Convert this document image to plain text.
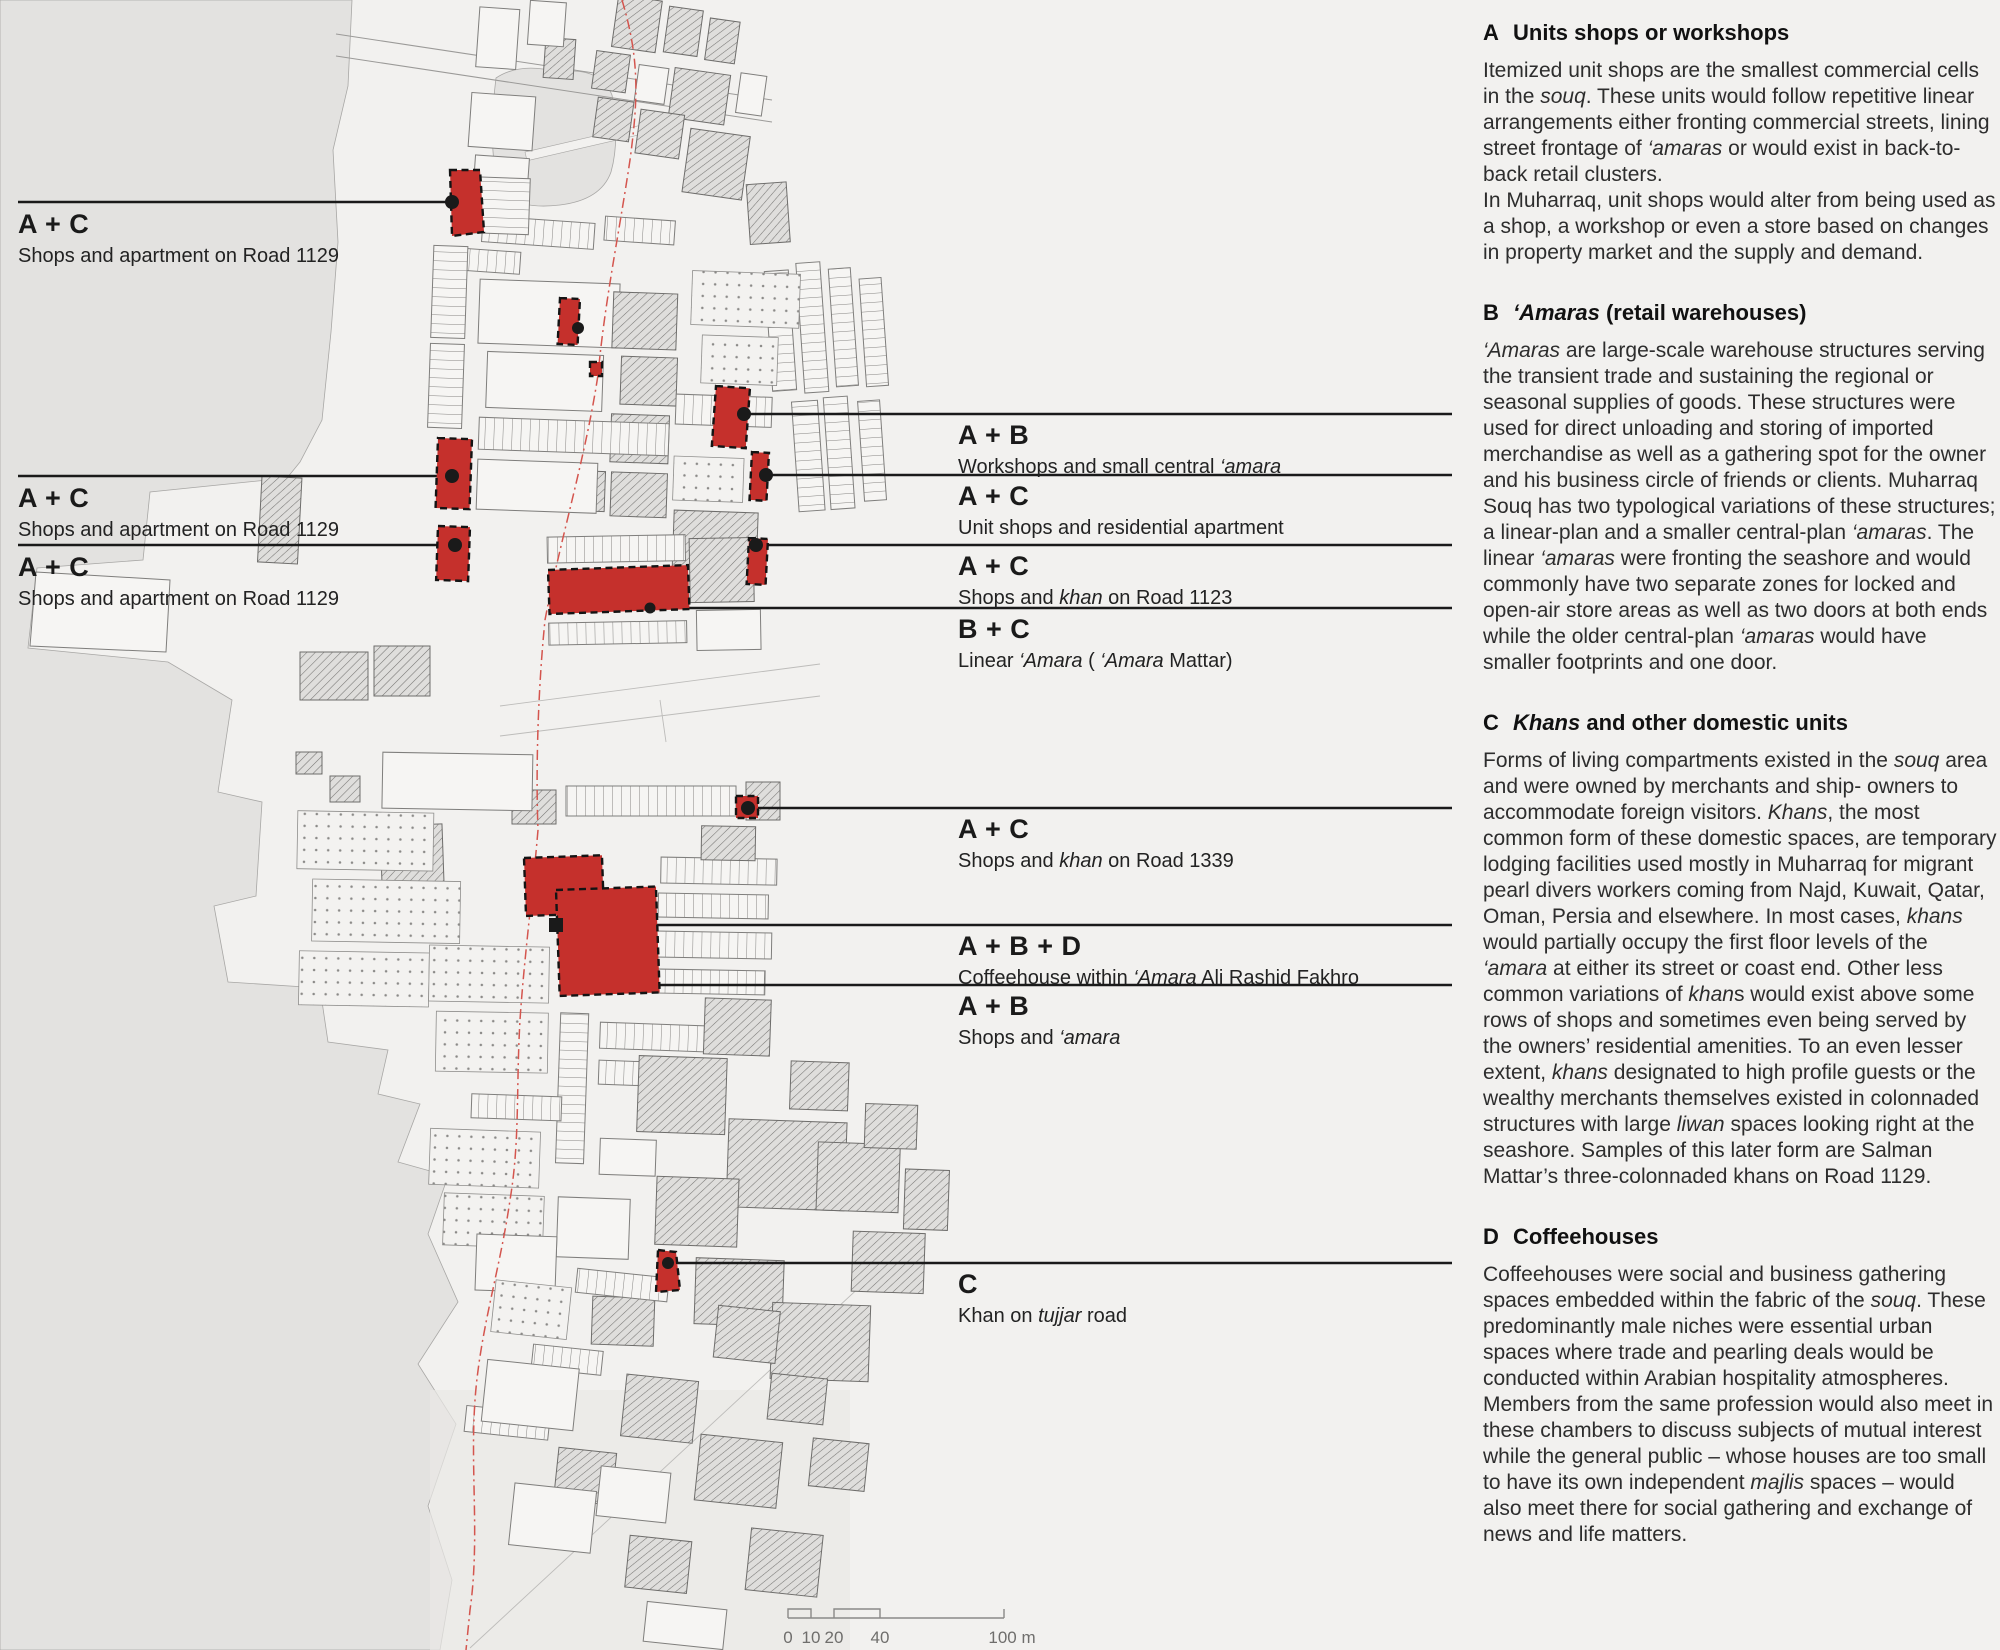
A + C
Shops and apartment on Road 1129
A + C
Shops and apartment on Road 1129
A + C
Shops and apartment on Road 1129
A + B
Workshops and small central ‘amara
A + C
Unit shops and residential apartment
A + C
Shops and khan on Road 1123
B + C
Linear ‘Amara ( ‘Amara Mattar)
A + C
Shops and khan on Road 1339
A + B + D
Coffeehouse within ‘Amara Ali Rashid Fakhro
A + B
Shops and ‘amara
C
Khan on tujjar road
0 10 20 40	100 m
A Units shops or workshops

Itemized unit shops are the smallest commercial cells in the souq. These units would follow repetitive linear arrangements either fronting commercial streets, lining street frontage of ‘amaras or would exist in back-to-back retail clusters.
In Muharraq, unit shops would alter from being used as a shop, a workshop or even a store based on changes in property market and the supply and demand.

B ‘Amaras (retail warehouses)

‘Amaras are large-scale warehouse structures serving the transient trade and sustaining the regional or seasonal supplies of goods. These structures were used for direct unloading and storing of imported merchandise as well as a gathering spot for the owner and his business circle of friends or clients. Muharraq Souq has two typological variations of these structures; a linear-plan and a smaller central-plan ‘amaras. The linear ‘amaras were fronting the seashore and would commonly have two separate zones for locked and open-air store areas as well as two doors at both ends while the older central-plan ‘amaras would have smaller footprints and one door.

C Khans and other domestic units

Forms of living compartments existed in the souq area and were owned by merchants and ship- owners to accommodate foreign visitors. Khans, the most common form of these domestic spaces, are temporary lodging facilities used mostly in Muharraq for migrant pearl divers workers coming from Najd, Kuwait, Qatar, Oman, Persia and elsewhere. In most cases, khans would partially occupy the first floor levels of the ‘amara at either its street or coast end. Other less common variations of khans would exist above some rows of shops and sometimes even being served by the owners’ residential amenities. To an even lesser extent, khans designated to high profile guests or the wealthy merchants themselves existed in colonnaded structures with large liwan spaces looking right at the seashore. Samples of this later form are Salman Mattar’s three-colonnaded khans on Road 1129.

D Coffeehouses

Coffeehouses were social and business gathering spaces embedded within the fabric of the souq. These predominantly male niches were essential urban spaces where trade and pearling deals would be conducted within Arabian hospitality atmospheres. Members from the same profession would also meet in these chambers to discuss subjects of mutual interest while the general public – whose houses are too small to have its own independent majlis spaces – would also meet there for social gathering and exchange of news and life matters.
